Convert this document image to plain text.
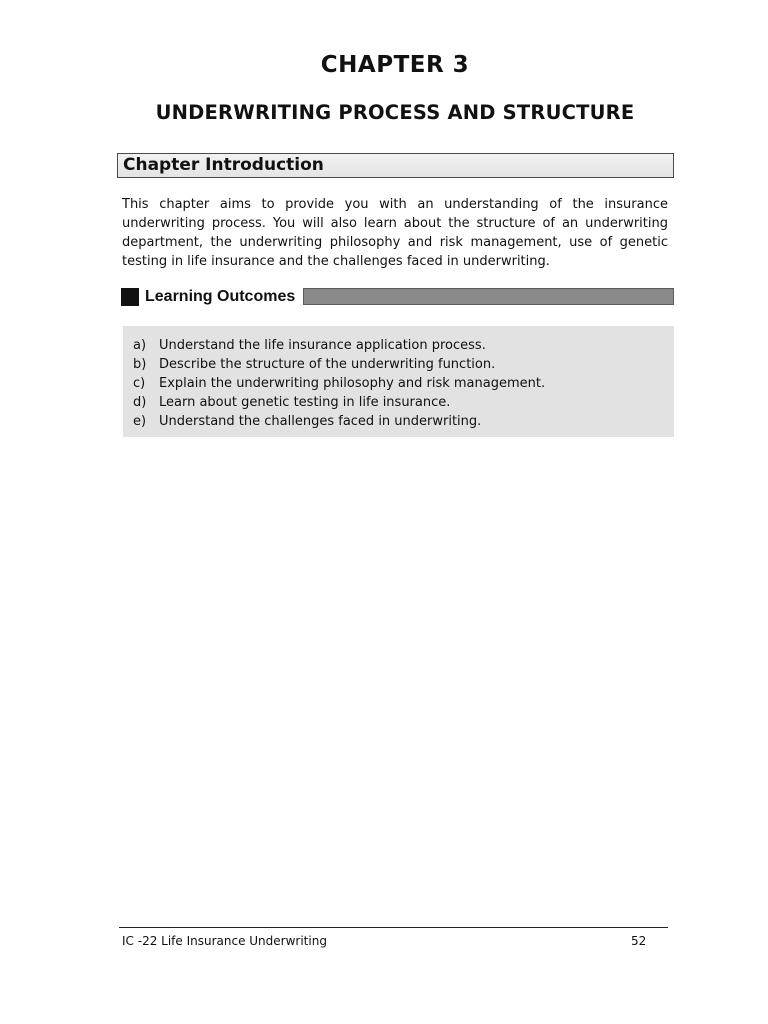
CHAPTER 3
UNDERWRITING PROCESS AND STRUCTURE
Chapter Introduction

This chapter aims to provide you with an understanding of the insurance underwriting process. You will also learn about the structure of an underwriting department, the underwriting philosophy and risk management, use of genetic testing in life insurance and the challenges faced in underwriting.

Learning Outcomes
a) Understand the life insurance application process.
b) Describe the structure of the underwriting function.
c)	Explain the underwriting philosophy and risk management.
d) Learn about genetic testing in life insurance.
e) Understand the challenges faced in underwriting.
IC -22 Life Insurance Underwriting	52
